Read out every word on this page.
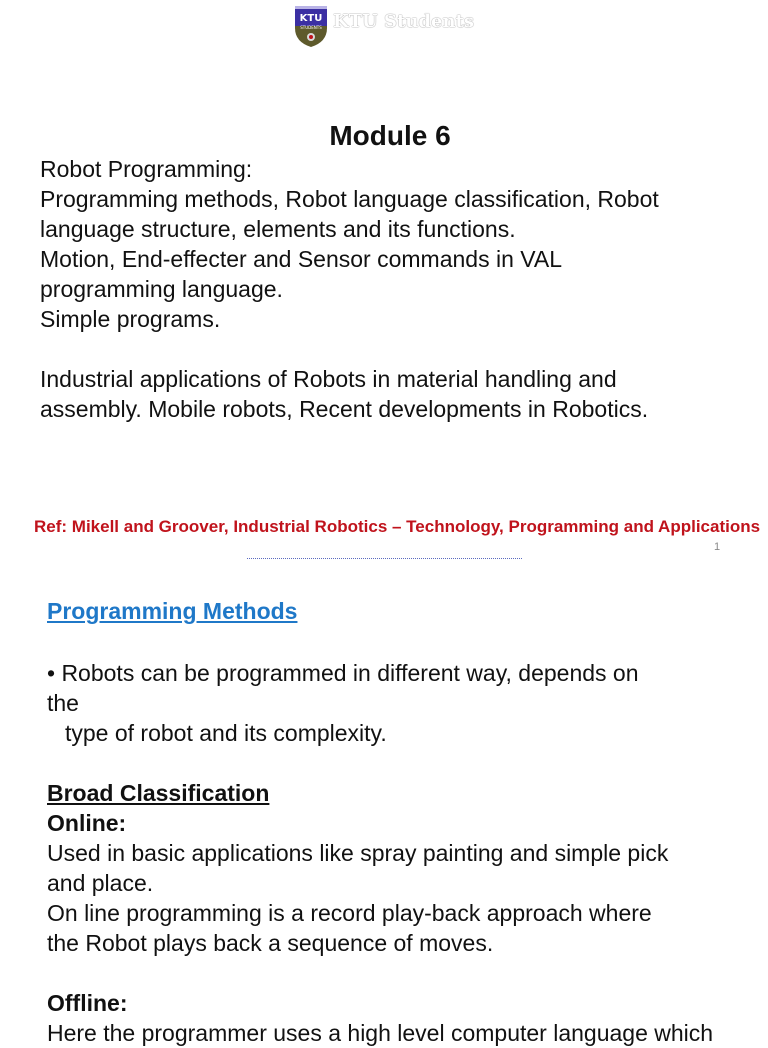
KTU
STUDENTS KTU Students
Module 6
Robot Programming:
Programming methods, Robot language classification, Robot
language structure, elements and its functions.
Motion, End-effecter and Sensor commands in VAL
programming language.
Simple programs.

Industrial applications of Robots in material handling and
assembly. Mobile robots, Recent developments in Robotics.
Ref: Mikell and Groover, Industrial Robotics – Technology, Programming and Applications
1
Programming Methods
• Robots can be programmed in different way, depends on
the
type of robot and its complexity.

Broad Classification
Online:
Used in basic applications like spray painting and simple pick
and place.
On line programming is a record play-back approach where
the Robot plays back a sequence of moves.

Offline:
Here the programmer uses a high level computer language which
